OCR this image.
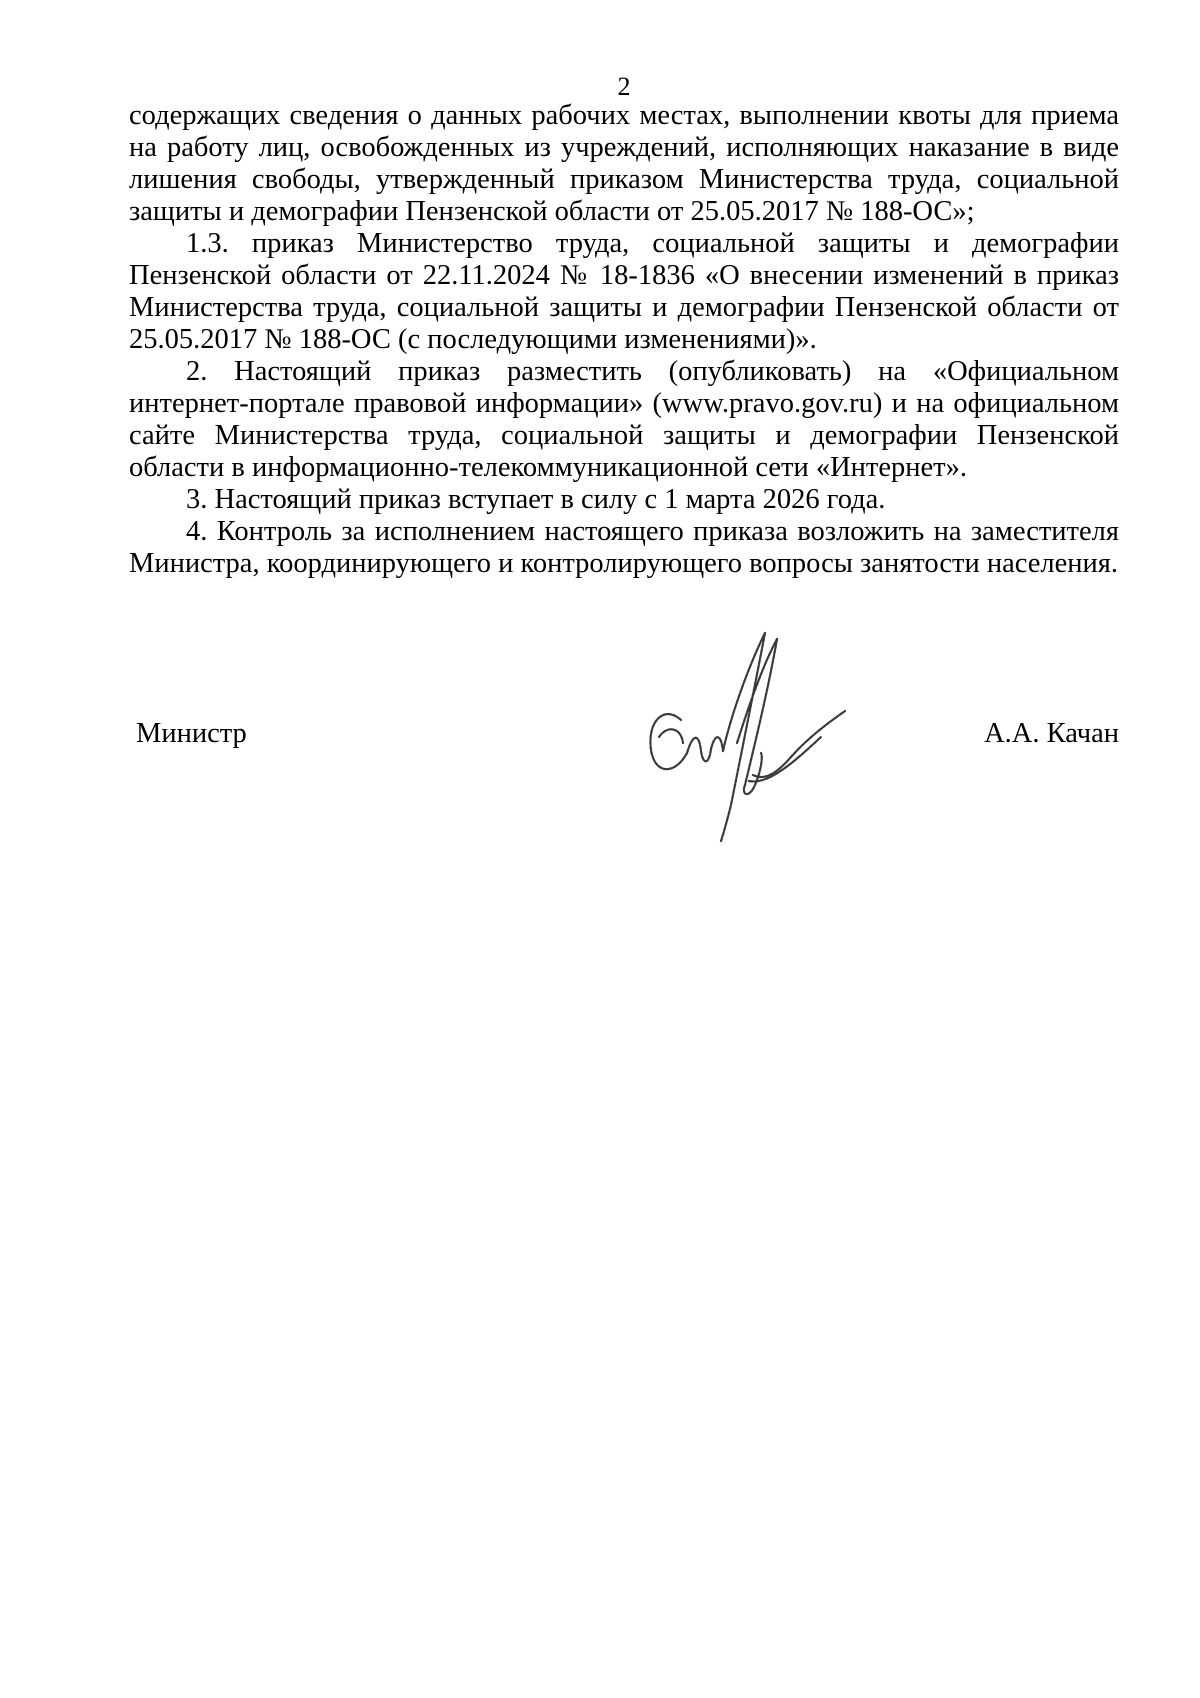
2

содержащих сведения о данных рабочих местах, выполнении квоты для приема на работу лиц, освобожденных из учреждений, исполняющих наказание в виде лишения свободы, утвержденный приказом Министерства труда, социальной защиты и демографии Пензенской области от 25.05.2017 № 188-ОС»;

1.3. приказ Министерство труда, социальной защиты и демографии Пензенской области от 22.11.2024 № 18-1836 «О внесении изменений в приказ Министерства труда, социальной защиты и демографии Пензенской области от 25.05.2017 № 188-ОС (с последующими изменениями)».

2. Настоящий приказ разместить (опубликовать) на «Официальном интернет-портале правовой информации» (www.pravo.gov.ru) и на официальном сайте Министерства труда, социальной защиты и демографии Пензенской области в информационно-телекоммуникационной сети «Интернет».

3. Настоящий приказ вступает в силу с 1 марта 2026 года.

4. Контроль за исполнением настоящего приказа возложить на заместителя Министра, координирующего и контролирующего вопросы занятости населения.

Министр	А.А. Качан
